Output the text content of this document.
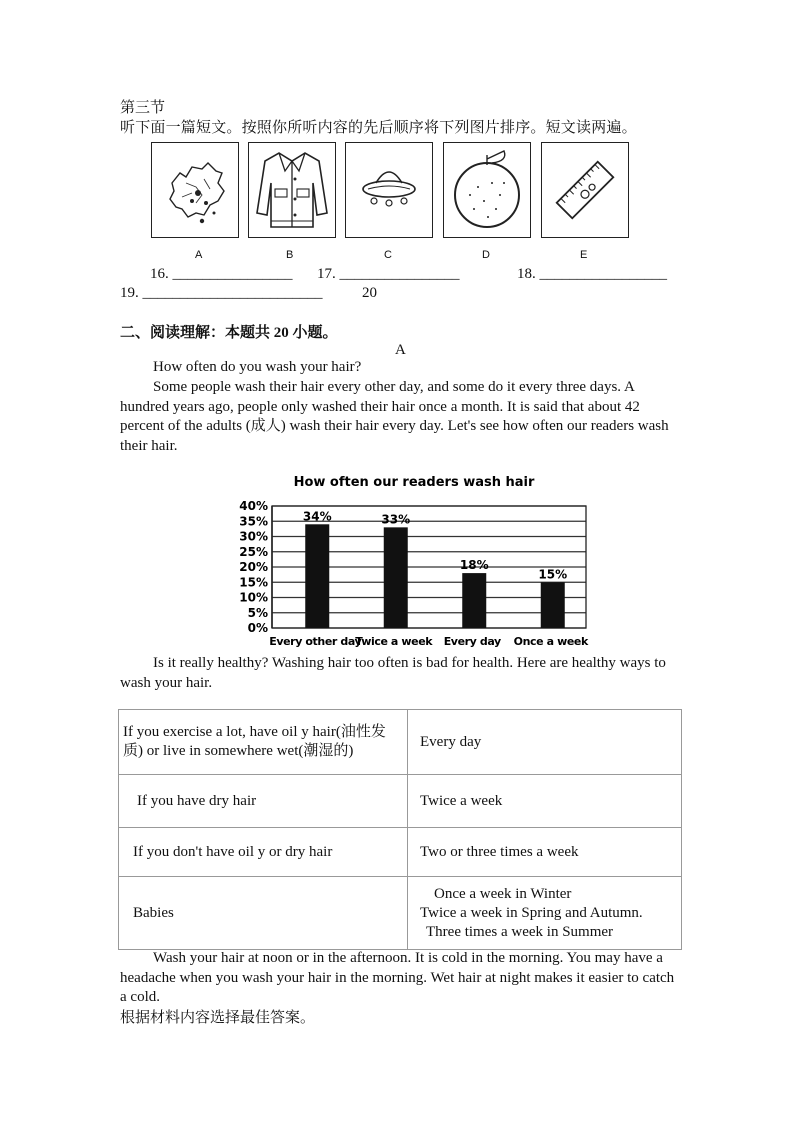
第三节
听下面一篇短文。按照你所听内容的先后顺序将下列图片排序。短文读两遍。
A	B	C	D	E
16. ________________ 17. ________________	18. _________________
19. ________________________	20
二、阅读理解：本题共 20 小题。
A
How often do you wash your hair?
Some people wash their hair every other day, and some do it every three days. A hundred years ago, people only washed their hair once a month. It is said that about 42 percent of the adults (成人) wash their hair every day. Let's see how often our readers wash their hair.
How often our readers wash hair
0%
5%
10%
15%
20%
25%
30%
35%
40%
34%	33%
18%
15%
Every other day
Twice a week Every day Once a week
Is it really healthy? Washing hair too often is bad for health. Here are healthy ways to wash your hair.
If you exercise a lot, have oil y hair(油性发质) or live in somewhere wet(潮湿的)	Every day
If you have dry hair	Twice a week
If you don't have oil y or dry hair	Two or three times a week
Babies	Once a week in Winter
Twice a week in Spring and Autumn.
Three times a week in Summer
Wash your hair at noon or in the afternoon. It is cold in the morning. You may have a headache when you wash your hair in the morning. Wet hair at night makes it easier to catch a cold.
根据材料内容选择最佳答案。
